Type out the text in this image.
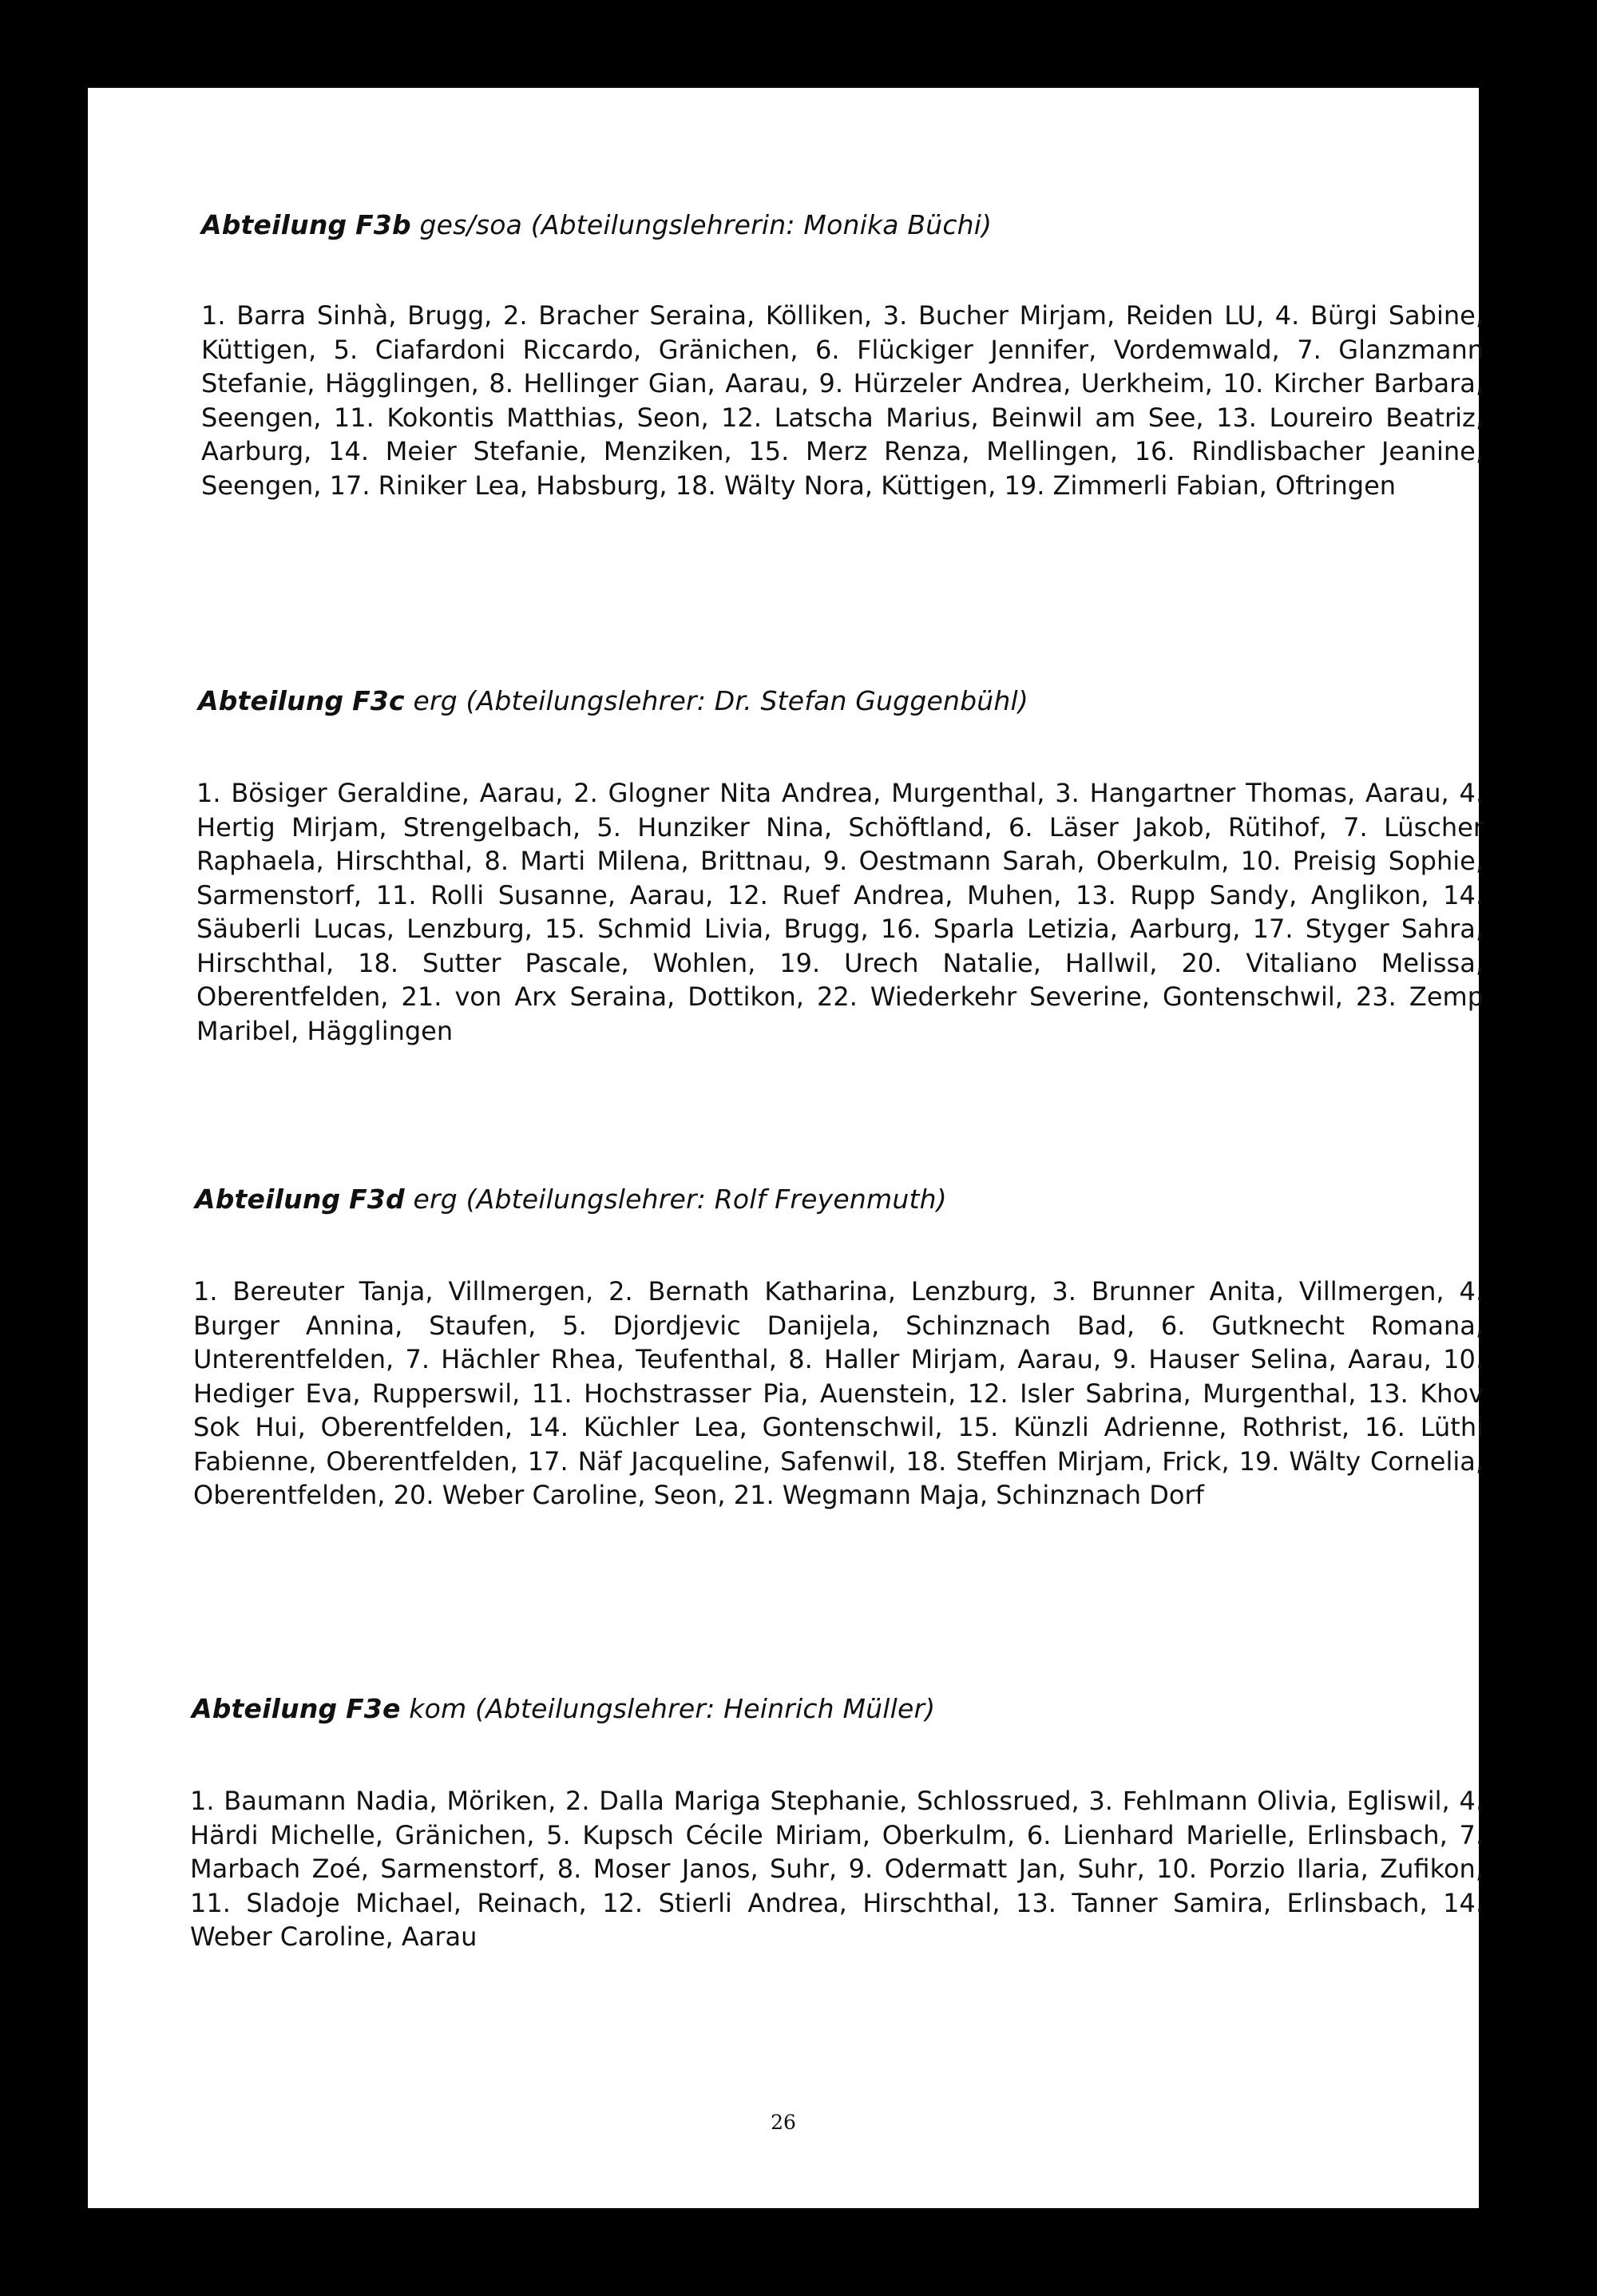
Abteilung F3b ges/soa (Abteilungslehrerin: Monika Büchi)
1. Barra Sinhà, Brugg, 2. Bracher Seraina, Kölliken, 3. Bucher Mirjam, Reiden LU, 4. Bürgi Sabine, Küttigen, 5. Ciafardoni Riccardo, Gränichen, 6. Flückiger Jennifer, Vordemwald, 7. Glanzmann Stefanie, Hägglingen, 8. Hellinger Gian, Aarau, 9. Hürzeler Andrea, Uerkheim, 10. Kircher Barbara, Seengen, 11. Kokontis Matthias, Seon, 12. Latscha Marius, Beinwil am See, 13. Loureiro Beatriz, Aarburg, 14. Meier Stefanie, Menziken, 15. Merz Renza, Mellingen, 16. Rindlisbacher Jeanine, Seengen, 17. Riniker Lea, Habsburg, 18. Wälty Nora, Küttigen, 19. Zimmerli Fabian, Oftringen
Abteilung F3c erg (Abteilungslehrer: Dr. Stefan Guggenbühl)
1. Bösiger Geraldine, Aarau, 2. Glogner Nita Andrea, Murgenthal, 3. Hangartner Thomas, Aarau, 4. Hertig Mirjam, Strengelbach, 5. Hunziker Nina, Schöftland, 6. Läser Jakob, Rütihof, 7. Lüscher Raphaela, Hirschthal, 8. Marti Milena, Brittnau, 9. Oestmann Sarah, Oberkulm, 10. Preisig Sophie, Sarmenstorf, 11. Rolli Susanne, Aarau, 12. Ruef Andrea, Muhen, 13. Rupp Sandy, Anglikon, 14. Säuberli Lucas, Lenzburg, 15. Schmid Livia, Brugg, 16. Sparla Letizia, Aarburg, 17. Styger Sahra, Hirschthal, 18. Sutter Pascale, Wohlen, 19. Urech Natalie, Hallwil, 20. Vitaliano Melissa, Oberentfelden, 21. von Arx Seraina, Dottikon, 22. Wiederkehr Severine, Gontenschwil, 23. Zemp Maribel, Hägglingen
Abteilung F3d erg (Abteilungslehrer: Rolf Freyenmuth)
1. Bereuter Tanja, Villmergen, 2. Bernath Katharina, Lenzburg, 3. Brunner Anita, Villmergen, 4. Burger Annina, Staufen, 5. Djordjevic Danijela, Schinznach Bad, 6. Gutknecht Romana, Unterentfelden, 7. Hächler Rhea, Teufenthal, 8. Haller Mirjam, Aarau, 9. Hauser Selina, Aarau, 10. Hediger Eva, Rupperswil, 11. Hochstrasser Pia, Auenstein, 12. Isler Sabrina, Murgenthal, 13. Khov Sok Hui, Oberentfelden, 14. Küchler Lea, Gontenschwil, 15. Künzli Adrienne, Rothrist, 16. Lüthi Fabienne, Oberentfelden, 17. Näf Jacqueline, Safenwil, 18. Steffen Mirjam, Frick, 19. Wälty Cornelia, Oberentfelden, 20. Weber Caroline, Seon, 21. Wegmann Maja, Schinznach Dorf
Abteilung F3e kom (Abteilungslehrer: Heinrich Müller)
1. Baumann Nadia, Möriken, 2. Dalla Mariga Stephanie, Schlossrued, 3. Fehlmann Olivia, Egliswil, 4. Härdi Michelle, Gränichen, 5. Kupsch Cécile Miriam, Oberkulm, 6. Lienhard Marielle, Erlinsbach, 7. Marbach Zoé, Sarmenstorf, 8. Moser Janos, Suhr, 9. Odermatt Jan, Suhr, 10. Porzio Ilaria, Zufikon, 11. Sladoje Michael, Reinach, 12. Stierli Andrea, Hirschthal, 13. Tanner Samira, Erlinsbach, 14. Weber Caroline, Aarau
26
